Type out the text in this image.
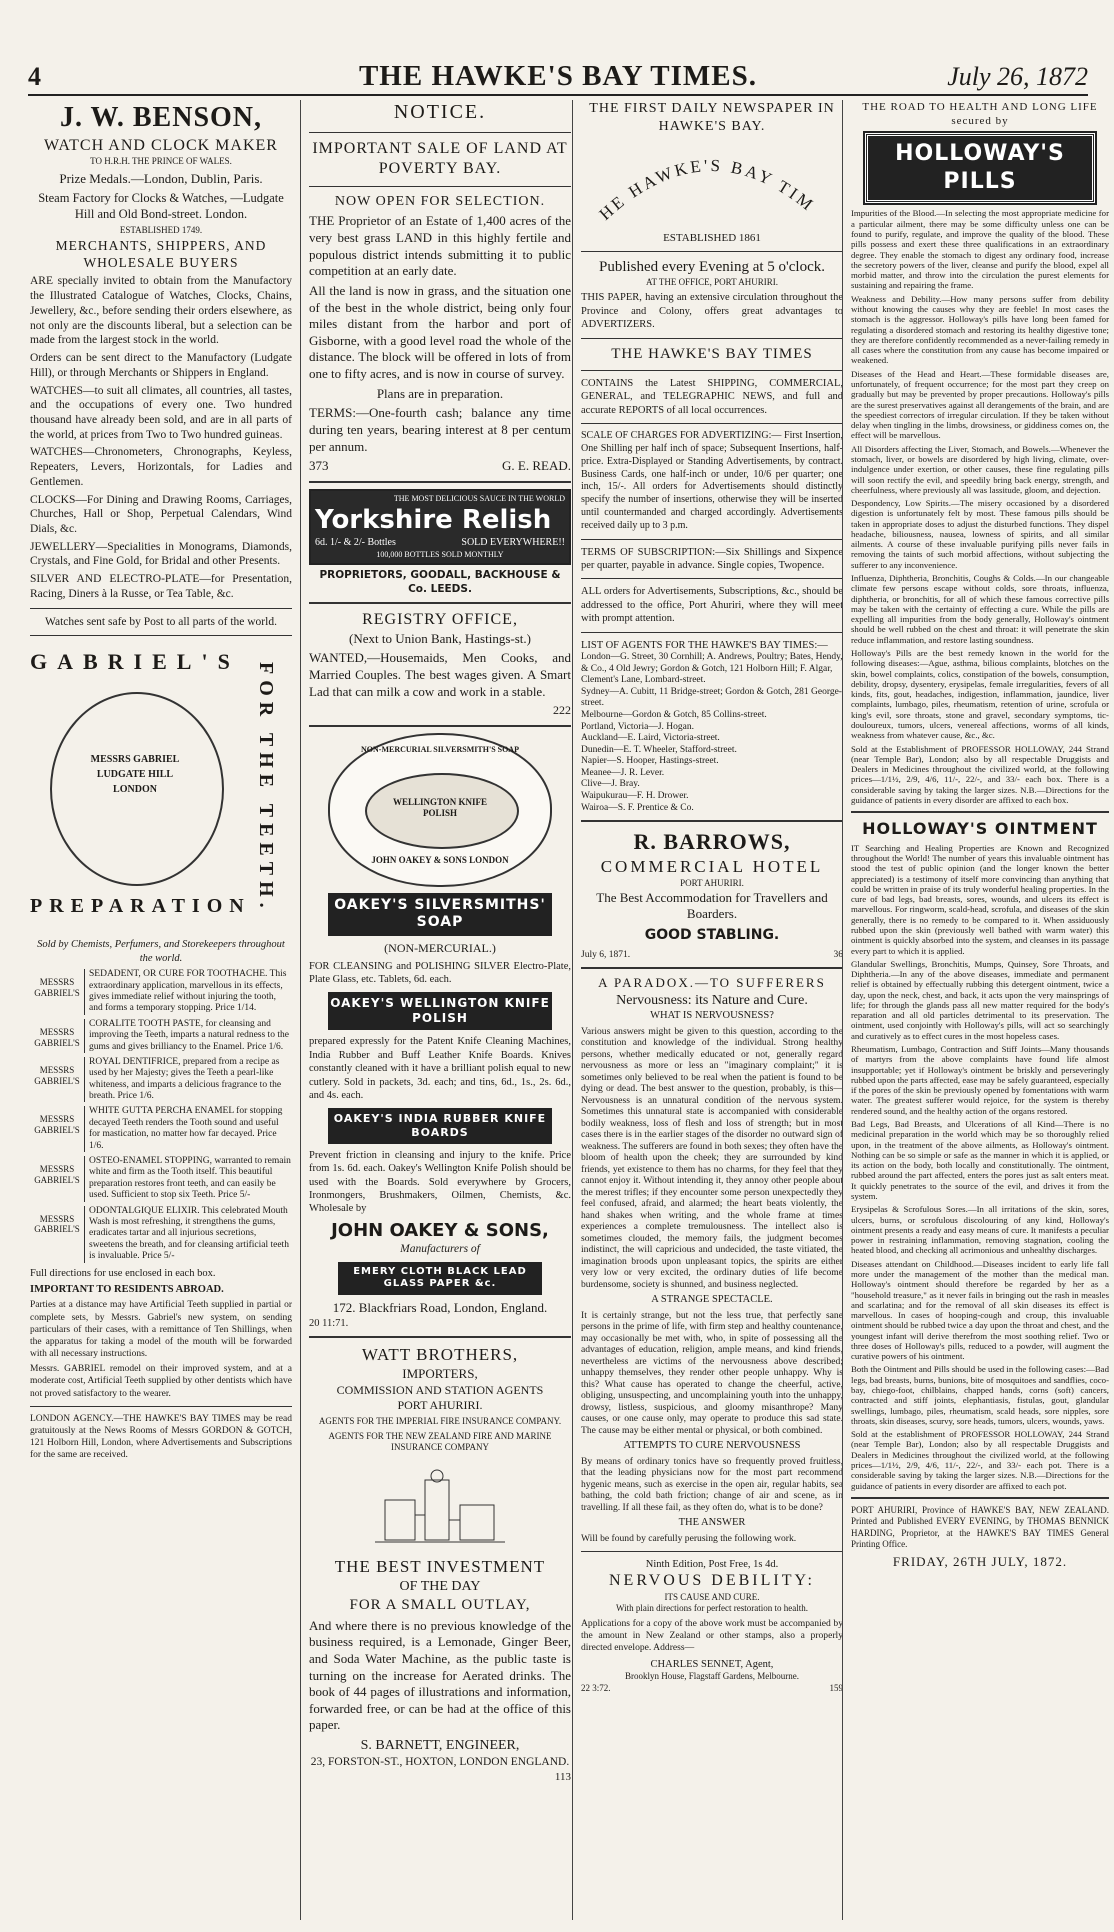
4	THE HAWKE'S BAY TIMES.	July 26, 1872
J. W. BENSON,
WATCH AND CLOCK MAKER
TO H.R.H. THE PRINCE OF WALES.

Prize Medals.—London, Dublin, Paris.

Steam Factory for Clocks & Watches, —Ludgate Hill and Old Bond-street. London.

ESTABLISHED 1749.
MERCHANTS, SHIPPERS, AND WHOLESALE BUYERS

ARE specially invited to obtain from the Manufactory the Illustrated Catalogue of Watches, Clocks, Chains, Jewellery, &c., before sending their orders elsewhere, as not only are the discounts liberal, but a selection can be made from the largest stock in the world.

Orders can be sent direct to the Manufactory (Ludgate Hill), or through Merchants or Shippers in England.

WATCHES—to suit all climates, all countries, all tastes, and the occupations of every one. Two hundred thousand have already been sold, and are in all parts of the world, at prices from Two to Two hundred guineas.

WATCHES—Chronometers, Chronographs, Keyless, Repeaters, Levers, Horizontals, for Ladies and Gentlemen.

CLOCKS—For Dining and Drawing Rooms, Carriages, Churches, Hall or Shop, Perpetual Calendars, Wind Dials, &c.

JEWELLERY—Specialities in Monograms, Diamonds, Crystals, and Fine Gold, for Bridal and other Presents.

SILVER AND ELECTRO-PLATE—for Presentation, Racing, Diners à la Russe, or Tea Table, &c.

Watches sent safe by Post to all parts of the world.

GABRIEL'S
MESSRS GABRIEL LUDGATE HILL LONDON
PREPARATION FOR THE TEETH.

Sold by Chemists, Perfumers, and Storekeepers throughout the world.

MESSRS GABRIEL'S
SEDADENT, OR CURE FOR TOOTHACHE. This extraordinary application, marvellous in its effects, gives immediate relief without injuring the tooth, and forms a temporary stopping. Price 1/14.
MESSRS GABRIEL'S
CORALITE TOOTH PASTE, for cleansing and improving the Teeth, imparts a natural redness to the gums and gives brilliancy to the Enamel. Price 1/6.
MESSRS GABRIEL'S
ROYAL DENTIFRICE, prepared from a recipe as used by her Majesty; gives the Teeth a pearl-like whiteness, and imparts a delicious fragrance to the breath. Price 1/6.
MESSRS GABRIEL'S
WHITE GUTTA PERCHA ENAMEL for stopping decayed Teeth renders the Tooth sound and useful for mastication, no matter how far decayed. Price 1/6.
MESSRS GABRIEL'S
OSTEO-ENAMEL STOPPING, warranted to remain white and firm as the Tooth itself. This beautiful preparation restores front teeth, and can easily be used. Sufficient to stop six Teeth. Price 5/-
MESSRS GABRIEL'S
ODONTALGIQUE ELIXIR. This celebrated Mouth Wash is most refreshing, it strengthens the gums, eradicates tartar and all injurious secretions, sweetens the breath, and for cleansing artificial teeth is invaluable. Price 5/-

Full directions for use enclosed in each box.

IMPORTANT TO RESIDENTS ABROAD.

Parties at a distance may have Artificial Teeth supplied in partial or complete sets, by Messrs. Gabriel's new system, on sending particulars of their cases, with a remittance of Ten Shillings, when the apparatus for taking a model of the mouth will be forwarded with all necessary instructions.

Messrs. GABRIEL remodel on their improved system, and at a moderate cost, Artificial Teeth supplied by other dentists which have not proved satisfactory to the wearer.

LONDON AGENCY.—THE HAWKE'S BAY TIMES may be read gratuitously at the News Rooms of Messrs GORDON & GOTCH, 121 Holborn Hill, London, where Advertisements and Subscriptions for the same are received.

NOTICE.
IMPORTANT SALE OF LAND AT POVERTY BAY.
NOW OPEN FOR SELECTION.

THE Proprietor of an Estate of 1,400 acres of the very best grass LAND in this highly fertile and populous district intends submitting it to public competition at an early date.

All the land is now in grass, and the situation one of the best in the whole district, being only four miles distant from the harbor and port of Gisborne, with a good level road the whole of the distance. The block will be offered in lots of from one to fifty acres, and is now in course of survey.

Plans are in preparation.

TERMS:—One-fourth cash; balance any time during ten years, bearing interest at 8 per centum per annum.

373	G. E. READ.
THE MOST DELICIOUS SAUCE IN THE WORLD
Yorkshire Relish
6d. 1/- & 2/- Bottles	SOLD EVERYWHERE!!
100,000 BOTTLES SOLD MONTHLY
PROPRIETORS, GOODALL, BACKHOUSE & Co. LEEDS.
REGISTRY OFFICE,
(Next to Union Bank, Hastings-st.)

WANTED,—Housemaids, Men Cooks, and Married Couples. The best wages given. A Smart Lad that can milk a cow and work in a stable.

222
NON-MERCURIAL SILVERSMITH'S SOAP
WELLINGTON KNIFE POLISH
JOHN OAKEY & SONS LONDON
OAKEY'S SILVERSMITHS' SOAP
(NON-MERCURIAL.)

FOR CLEANSING and POLISHING SILVER Electro-Plate, Plate Glass, etc. Tablets, 6d. each.

OAKEY'S WELLINGTON KNIFE POLISH

prepared expressly for the Patent Knife Cleaning Machines, India Rubber and Buff Leather Knife Boards. Knives constantly cleaned with it have a brilliant polish equal to new cutlery. Sold in packets, 3d. each; and tins, 6d., 1s., 2s. 6d., and 4s. each.

OAKEY'S INDIA RUBBER KNIFE BOARDS

Prevent friction in cleansing and injury to the knife. Price from 1s. 6d. each. Oakey's Wellington Knife Polish should be used with the Boards. Sold everywhere by Grocers, Ironmongers, Brushmakers, Oilmen, Chemists, &c. Wholesale by

JOHN OAKEY & SONS,
Manufacturers of
EMERY CLOTH BLACK LEAD GLASS PAPER &c.
172. Blackfriars Road, London, England.
20 11:71.
WATT BROTHERS,
IMPORTERS,
COMMISSION AND STATION AGENTS
PORT AHURIRI.

AGENTS FOR THE IMPERIAL FIRE INSURANCE COMPANY.

AGENTS FOR THE NEW ZEALAND FIRE AND MARINE INSURANCE COMPANY

THE BEST INVESTMENT
OF THE DAY
FOR A SMALL OUTLAY,

And where there is no previous knowledge of the business required, is a Lemonade, Ginger Beer, and Soda Water Machine, as the public taste is turning on the increase for Aerated drinks. The book of 44 pages of illustrations and information, forwarded free, or can be had at the office of this paper.

S. BARNETT, ENGINEER,
23, FORSTON-ST., HOXTON, LONDON ENGLAND.
113
THE FIRST DAILY NEWSPAPER IN HAWKE'S BAY.
HE HAWKE'S BAY TIM
ESTABLISHED 1861
Published every Evening at 5 o'clock.
AT THE OFFICE, PORT AHURIRI.

THIS PAPER, having an extensive circulation throughout the Province and Colony, offers great advantages to ADVERTIZERS.

THE HAWKE'S BAY TIMES

CONTAINS the Latest SHIPPING, COMMERCIAL, GENERAL, and TELEGRAPHIC NEWS, and full and accurate REPORTS of all local occurrences.

SCALE OF CHARGES FOR ADVERTIZING:— First Insertion, One Shilling per half inch of space; Subsequent Insertions, half-price. Extra-Displayed or Standing Advertisements, by contract. Business Cards, one half-inch or under, 10/6 per quarter; one inch, 15/-. All orders for Advertisements should distinctly specify the number of insertions, otherwise they will be inserted until countermanded and charged accordingly. Advertisements received daily up to 3 p.m.

TERMS OF SUBSCRIPTION:—Six Shillings and Sixpence per quarter, payable in advance. Single copies, Twopence.

ALL orders for Advertisements, Subscriptions, &c., should be addressed to the office, Port Ahuriri, where they will meet with prompt attention.

LIST OF AGENTS FOR THE HAWKE'S BAY TIMES:—
London—G. Street, 30 Cornhill; A. Andrews, Poultry; Bates, Hendy, & Co., 4 Old Jewry; Gordon & Gotch, 121 Holborn Hill; F. Algar, Clement's Lane, Lombard-street.
Sydney—A. Cubitt, 11 Bridge-street; Gordon & Gotch, 281 George-street.
Melbourne—Gordon & Gotch, 85 Collins-street.
Portland, Victoria—J. Hogan.
Auckland—E. Laird, Victoria-street.
Dunedin—E. T. Wheeler, Stafford-street.
Napier—S. Hooper, Hastings-street.
Meanee—J. R. Lever.
Clive—J. Bray.
Waipukurau—F. H. Drower.
Wairoa—S. F. Prentice & Co.
R. BARROWS,
COMMERCIAL HOTEL
PORT AHURIRI.
The Best Accommodation for Travellers and Boarders.
GOOD STABLING.
July 6, 1871.	36
A PARADOX.—TO SUFFERERS
Nervousness: its Nature and Cure.
WHAT IS NERVOUSNESS?

Various answers might be given to this question, according to the constitution and knowledge of the individual. Strong healthy persons, whether medically educated or not, generally regard nervousness as more or less an "imaginary complaint;" it is sometimes only believed to be real when the patient is found to be dying or dead. The best answer to the question, probably, is this—Nervousness is an unnatural condition of the nervous system. Sometimes this unnatural state is accompanied with considerable bodily weakness, loss of flesh and loss of strength; but in most cases there is in the earlier stages of the disorder no outward sign of weakness. The sufferers are found in both sexes; they often have the bloom of health upon the cheek; they are surrounded by kind friends, yet existence to them has no charms, for they feel that they cannot enjoy it. Without intending it, they annoy other people about the merest trifles; if they encounter some person unexpectedly they feel confused, afraid, and alarmed; the heart beats violently, the hand shakes when writing, and the whole frame at times experiences a complete tremulousness. The intellect also is sometimes clouded, the memory fails, the judgment becomes indistinct, the will capricious and undecided, the taste vitiated, the imagination broods upon unpleasant topics, the spirits are either very low or very excited, the ordinary duties of life become burdensome, society is shunned, and business neglected.

A STRANGE SPECTACLE.

It is certainly strange, but not the less true, that perfectly sane persons in the prime of life, with firm step and healthy countenance, may occasionally be met with, who, in spite of possessing all the advantages of education, religion, ample means, and kind friends, nevertheless are victims of the nervousness above described; unhappy themselves, they render other people unhappy. Why is this? What cause has operated to change the cheerful, active, obliging, unsuspecting, and uncomplaining youth into the unhappy, drowsy, listless, suspicious, and gloomy misanthrope? Many causes, or one cause only, may operate to produce this sad state. The cause may be either mental or physical, or both combined.

ATTEMPTS TO CURE NERVOUSNESS

By means of ordinary tonics have so frequently proved fruitless, that the leading physicians now for the most part recommend hygenic means, such as exercise in the open air, regular habits, sea bathing, the cold bath friction; change of air and scene, as in travelling. If all these fail, as they often do, what is to be done?

THE ANSWER

Will be found by carefully perusing the following work.

Ninth Edition, Post Free, 1s 4d.
NERVOUS DEBILITY:
ITS CAUSE AND CURE.
With plain directions for perfect restoration to health.

Applications for a copy of the above work must be accompanied by the amount in New Zealand or other stamps, also a properly directed envelope. Address—

CHARLES SENNET, Agent,
Brooklyn House, Flagstaff Gardens, Melbourne.
22 3:72.	159
THE ROAD TO HEALTH AND LONG LIFE secured by
HOLLOWAY'S PILLS

Impurities of the Blood.—In selecting the most appropriate medicine for a particular ailment, there may be some difficulty unless one can be found to purify, regulate, and improve the quality of the blood. These pills possess and exert these three qualifications in an extraordinary degree. They enable the stomach to digest any ordinary food, increase the secretory powers of the liver, cleanse and purify the blood, expel all morbid matter, and throw into the circulation the purest elements for sustaining and repairing the frame.

Weakness and Debility.—How many persons suffer from debility without knowing the causes why they are feeble! In most cases the stomach is the aggressor. Holloway's pills have long been famed for regulating a disordered stomach and restoring its healthy digestive tone; they are therefore confidently recommended as a never-failing remedy in all cases where the constitution from any cause has become impaired or weakened.

Diseases of the Head and Heart.—These formidable diseases are, unfortunately, of frequent occurrence; for the most part they creep on gradually but may be prevented by proper precautions. Holloway's pills are the surest preservatives against all derangements of the brain, and are the speediest correctors of irregular circulation. If they be taken without delay when tingling in the limbs, drowsiness, or giddiness comes on, the effect will be marvellous.

All Disorders affecting the Liver, Stomach, and Bowels.—Whenever the stomach, liver, or bowels are disordered by high living, climate, over-indulgence under exertion, or other causes, these fine regulating pills will soon rectify the evil, and speedily bring back energy, strength, and cheerfulness, where previously all was lassitude, gloom, and dejection.

Despondency, Low Spirits.—The misery occasioned by a disordered digestion is unfortunately felt by most. These famous pills should be taken in appropriate doses to adjust the disturbed functions. They dispel headache, biliousness, nausea, lowness of spirits, and all similar ailments. A course of these invaluable purifying pills never fails in removing the taints of such morbid affections, without subjecting the sufferer to any inconvenience.

Influenza, Diphtheria, Bronchitis, Coughs & Colds.—In our changeable climate few persons escape without colds, sore throats, influenza, diphtheria, or bronchitis, for all of which these famous corrective pills may be taken with the certainty of effecting a cure. While the pills are expelling all impurities from the body generally, Holloway's ointment should be well rubbed on the chest and throat: it will penetrate the skin reduce inflammation, and restore lasting soundness.

Holloway's Pills are the best remedy known in the world for the following diseases:—Ague, asthma, bilious complaints, blotches on the skin, bowel complaints, colics, constipation of the bowels, consumption, debility, dropsy, dysentery, erysipelas, female irregularities, fevers of all kinds, fits, gout, headaches, indigestion, inflammation, jaundice, liver complaints, lumbago, piles, rheumatism, retention of urine, scrofula or king's evil, sore throats, stone and gravel, secondary symptoms, tic-douloureux, tumors, ulcers, venereal affections, worms of all kinds, weakness from whatever cause, &c., &c.

Sold at the Establishment of PROFESSOR HOLLOWAY, 244 Strand (near Temple Bar), London; also by all respectable Druggists and Dealers in Medicines throughout the civilized world, at the following prices—1/1½, 2/9, 4/6, 11/-, 22/-, and 33/- each box. There is a considerable saving by taking the larger sizes. N.B.—Directions for the guidance of patients in every disorder are affixed to each box.

HOLLOWAY'S OINTMENT

IT Searching and Healing Properties are Known and Recognized throughout the World! The number of years this invaluable ointment has stood the test of public opinion (and the longer known the better appreciated) is a testimony of itself more convincing than anything that could be written in praise of its truly wonderful healing properties. In the cure of bad legs, bad breasts, sores, wounds, and ulcers its effect is marvellous. For ringworm, scald-head, scrofula, and diseases of the skin generally, there is no remedy to be compared to it. When assiduously rubbed upon the skin (previously well bathed with warm water) this ointment is quickly absorbed into the system, and cleanses in its passage every part to which it is applied.

Glandular Swellings, Bronchitis, Mumps, Quinsey, Sore Throats, and Diphtheria.—In any of the above diseases, immediate and permanent relief is obtained by effectually rubbing this detergent ointment, twice a day, upon the neck, chest, and back, it acts upon the very mainsprings of life; for through the glands pass all new matter required for the body's reparation and all old particles detrimental to its preservation. The ointment, used conjointly with Holloway's pills, will act so searchingly and curatively as to effect cures in the most hopeless cases.

Rheumatism, Lumbago, Contraction and Stiff Joints—Many thousands of martyrs from the above complaints have found life almost insupportable; yet if Holloway's ointment be briskly and perseveringly rubbed upon the parts affected, ease may be safely guaranteed, especially if the pores of the skin be previously opened by fomentations with warm water. The greatest sufferer would rejoice, for the system is thereby rendered sound, and the healthy action of the organs restored.

Bad Legs, Bad Breasts, and Ulcerations of all Kind—There is no medicinal preparation in the world which may be so thoroughly relied upon, in the treatment of the above ailments, as Holloway's ointment. Nothing can be so simple or safe as the manner in which it is applied, or its action on the body, both locally and constitutionally. The ointment, rubbed around the part affected, enters the pores just as salt enters meat. It quickly penetrates to the source of the evil, and drives it from the system.

Erysipelas & Scrofulous Sores.—In all irritations of the skin, sores, ulcers, burns, or scrofulous discolouring of any kind, Holloway's ointment presents a ready and easy means of cure. It manifests a peculiar power in restraining inflammation, removing stagnation, cooling the heated blood, and checking all acrimonious and unhealthy discharges.

Diseases attendant on Childhood.—Diseases incident to early life fall more under the management of the mother than the medical man. Holloway's ointment should therefore be regarded by her as a "household treasure," as it never fails in bringing out the rash in measles and scarlatina; and for the removal of all skin diseases its effect is marvellous. In cases of hooping-cough and croup, this invaluable ointment should be rubbed twice a day upon the throat and chest, and the youngest infant will derive therefrom the most soothing relief. Two or three doses of Holloway's pills, reduced to a powder, will augment the curative powers of his ointment.

Both the Ointment and Pills should be used in the following cases:—Bad legs, bad breasts, burns, bunions, bite of mosquitoes and sandflies, coco-bay, chiego-foot, chilblains, chapped hands, corns (soft) cancers, contracted and stiff joints, elephantiasis, fistulas, gout, glandular swellings, lumbago, piles, rheumatism, scald heads, sore nipples, sore throats, skin diseases, scurvy, sore heads, tumors, ulcers, wounds, yaws.

Sold at the establishment of PROFESSOR HOLLOWAY, 244 Strand (near Temple Bar), London; also by all respectable Druggists and Dealers in Medicines throughout the civilized world, at the following prices—1/1½, 2/9, 4/6, 11/-, 22/-, and 33/- each pot. There is a considerable saving by taking the larger sizes. N.B.—Directions for the guidance of patients in every disorder are affixed to each pot.

PORT AHURIRI, Province of HAWKE'S BAY, NEW ZEALAND. Printed and Published EVERY EVENING, by THOMAS BENNICK HARDING, Proprietor, at the HAWKE'S BAY TIMES General Printing Office.

FRIDAY, 26TH JULY, 1872.
